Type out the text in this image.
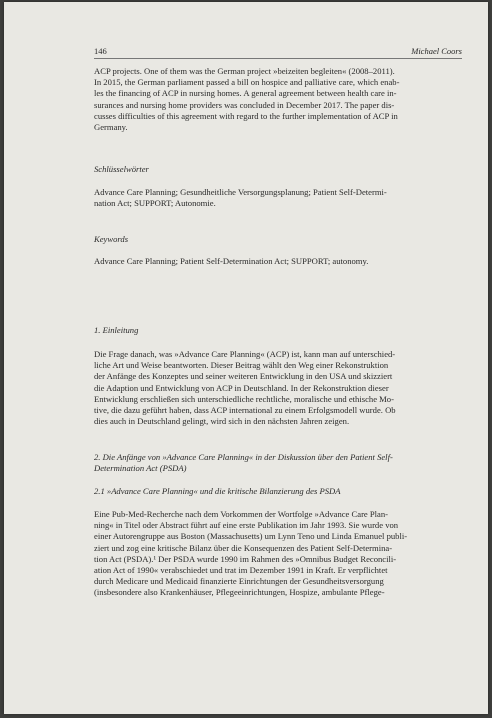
146	Michael Coors
ACP projects. One of them was the German project »beizeiten begleiten« (2008–2011).
In 2015, the German parliament passed a bill on hospice and palliative care, which enab-
les the financing of ACP in nursing homes. A general agreement between health care in-
surances and nursing home providers was concluded in December 2017. The paper dis-
cusses difficulties of this agreement with regard to the further implementation of ACP in
Germany.
Schlüsselwörter
Advance Care Planning; Gesundheitliche Versorgungsplanung; Patient Self-Determi-
nation Act; SUPPORT; Autonomie.
Keywords
Advance Care Planning; Patient Self-Determination Act; SUPPORT; autonomy.
1. Einleitung
Die Frage danach, was »Advance Care Planning« (ACP) ist, kann man auf unterschied-
liche Art und Weise beantworten. Dieser Beitrag wählt den Weg einer Rekonstruktion
der Anfänge des Konzeptes und seiner weiteren Entwicklung in den USA und skizziert
die Adaption und Entwicklung von ACP in Deutschland. In der Rekonstruktion dieser
Entwicklung erschließen sich unterschiedliche rechtliche, moralische und ethische Mo-
tive, die dazu geführt haben, dass ACP international zu einem Erfolgsmodell wurde. Ob
dies auch in Deutschland gelingt, wird sich in den nächsten Jahren zeigen.
2. Die Anfänge von »Advance Care Planning« in der Diskussion über den Patient Self-
Determination Act (PSDA)
2.1 »Advance Care Planning« und die kritische Bilanzierung des PSDA
Eine Pub-Med-Recherche nach dem Vorkommen der Wortfolge »Advance Care Plan-
ning« in Titel oder Abstract führt auf eine erste Publikation im Jahr 1993. Sie wurde von
einer Autorengruppe aus Boston (Massachusetts) um Lynn Teno und Linda Emanuel publi-
ziert und zog eine kritische Bilanz über die Konsequenzen des Patient Self-Determina-
tion Act (PSDA).¹ Der PSDA wurde 1990 im Rahmen des »Omnibus Budget Reconcili-
ation Act of 1990« verabschiedet und trat im Dezember 1991 in Kraft. Er verpflichtet
durch Medicare und Medicaid finanzierte Einrichtungen der Gesundheitsversorgung
(insbesondere also Krankenhäuser, Pflegeeinrichtungen, Hospize, ambulante Pflege-
